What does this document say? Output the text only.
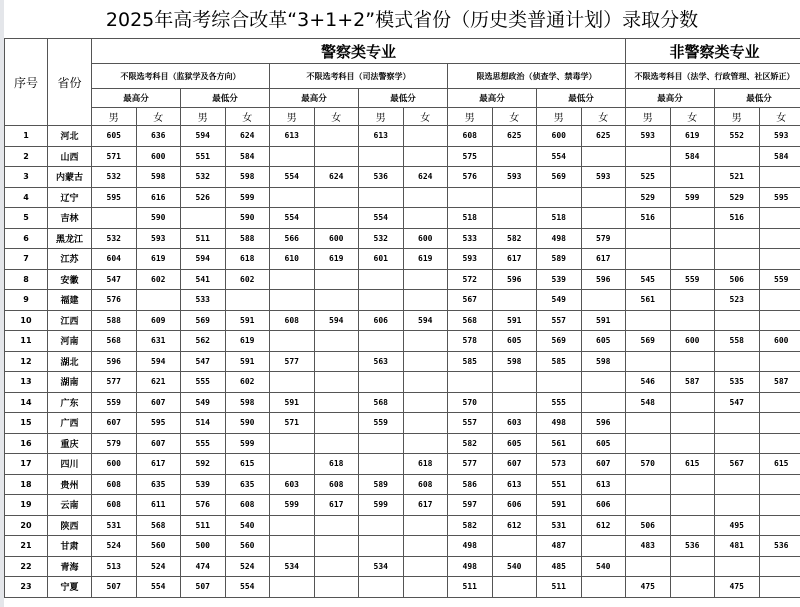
2025年高考综合改革“3+1+2”模式省份（历史类普通计划）录取分数
序号	省份	警察类专业												非警察类专业			
		不限选考科目（监狱学及各方向）				不限选考科目（司法警察学）				限选思想政治（侦查学、禁毒学）				不限选考科目（法学、行政管理、社区矫正）			
		最高分		最低分		最高分		最低分		最高分		最低分		最高分		最低分	
		男	女	男	女	男	女	男	女	男	女	男	女	男	女	男	女
1	河北	605	636	594	624	613		613		608	625	600	625	593	619	552	593
2	山西	571	600	551	584					575		554			584		584
3	内蒙古	532	598	532	598	554	624	536	624	576	593	569	593	525		521	
4	辽宁	595	616	526	599									529	599	529	595
5	吉林		590		590	554		554		518		518		516		516	
6	黑龙江	532	593	511	588	566	600	532	600	533	582	498	579				
7	江苏	604	619	594	618	610	619	601	619	593	617	589	617				
8	安徽	547	602	541	602					572	596	539	596	545	559	506	559
9	福建	576		533						567		549		561		523	
10	江西	588	609	569	591	608	594	606	594	568	591	557	591				
11	河南	568	631	562	619					578	605	569	605	569	600	558	600
12	湖北	596	594	547	591	577		563		585	598	585	598				
13	湖南	577	621	555	602									546	587	535	587
14	广东	559	607	549	598	591		568		570		555		548		547	
15	广西	607	595	514	590	571		559		557	603	498	596				
16	重庆	579	607	555	599					582	605	561	605				
17	四川	600	617	592	615		618		618	577	607	573	607	570	615	567	615
18	贵州	608	635	539	635	603	608	589	608	586	613	551	613				
19	云南	608	611	576	608	599	617	599	617	597	606	591	606				
20	陕西	531	568	511	540					582	612	531	612	506		495	
21	甘肃	524	560	500	560					498		487		483	536	481	536
22	青海	513	524	474	524	534		534		498	540	485	540				
23	宁夏	507	554	507	554					511		511		475		475	
